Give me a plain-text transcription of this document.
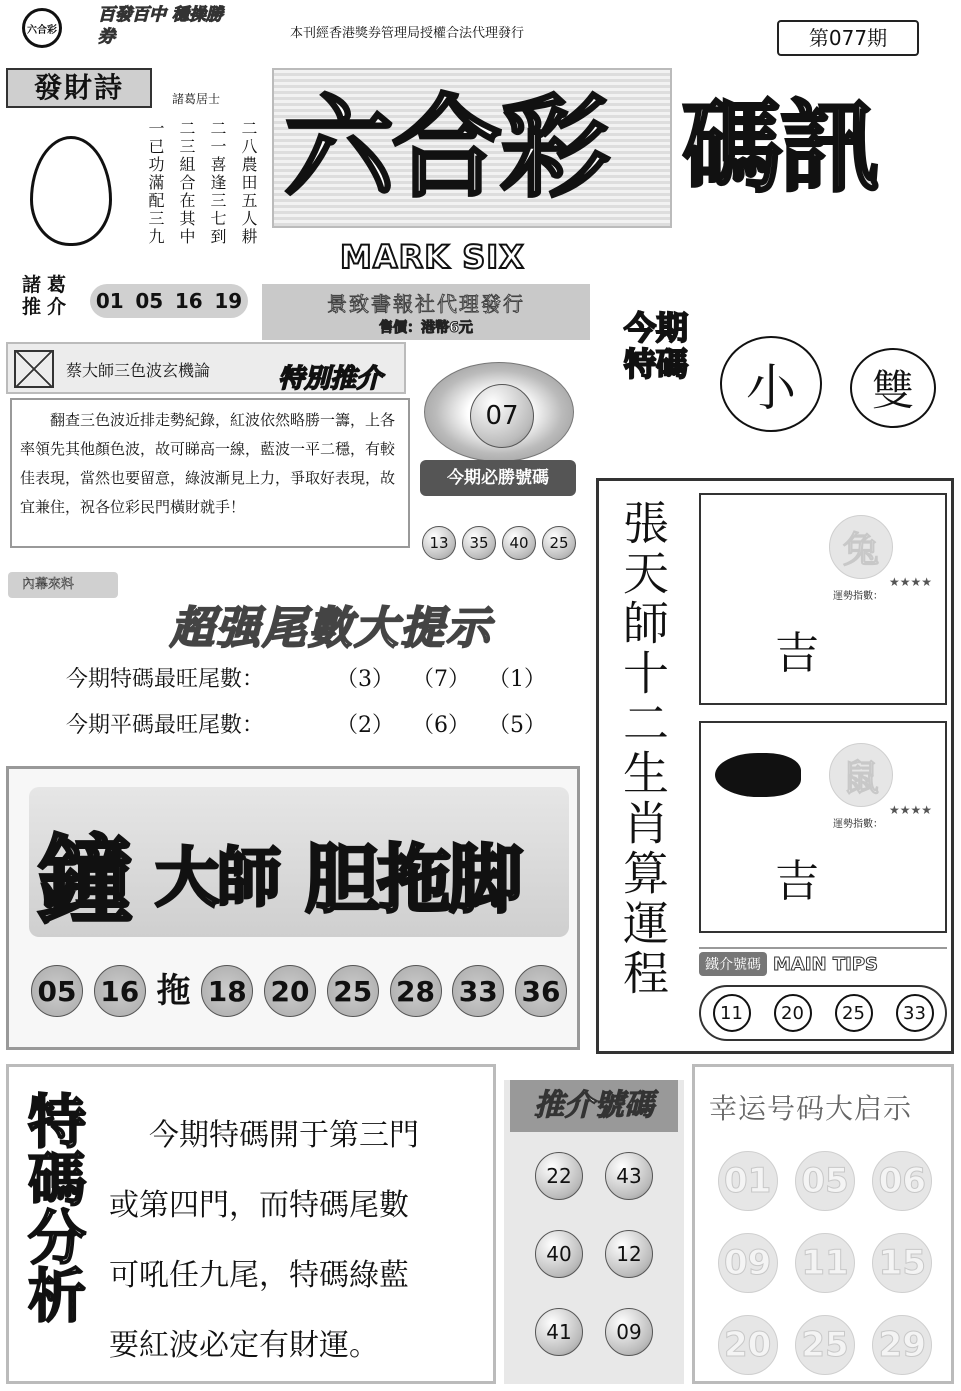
六合彩
百發百中 穩操勝券	本刊經香港獎券管理局授權合法代理發行	第077期
發財詩	諸葛居士
二八農田五人耕
二一喜逢三七到
二三組合在其中
一已功滿配三九
諸葛推介 01 05 16 19
六合彩 碼訊
MARK SIX
景致書報社代理發行
售價：港幣6元
蔡大師三色波玄機論	特別推介
翻查三色波近排走勢紀錄，紅波依然略勝一籌，上各率領先其他顏色波，故可睇高一線，藍波一平二穩，有較佳表現，當然也要留意，綠波漸見上力，爭取好表現，故宜兼住，祝各位彩民門橫財就手！
07
今期必勝號碼
13	35	40	25
今期特碼	小	雙
內幕來料
超强尾數大提示
今期特碼最旺尾數：	（3） （7） （1）
今期平碼最旺尾數：	（2） （6） （5）	張天師十二生肖算運程	兔
運勢指數：
★★★★
吉
鼠
運勢指數：
★★★★
吉
鐵介號碼 MAIN TIPS
11	20	25	33
鐘 大師 胆拖脚
05 16 拖 18 20 25 28 33 36
特碼分析	今期特碼開于第三門
或第四門，而特碼尾數
可吼任九尾，特碼綠藍
要紅波必定有財運。
推介號碼
22	43
40	12
41	09
幸运号码大启示
01 05 06
09 11 15
20 25 29
